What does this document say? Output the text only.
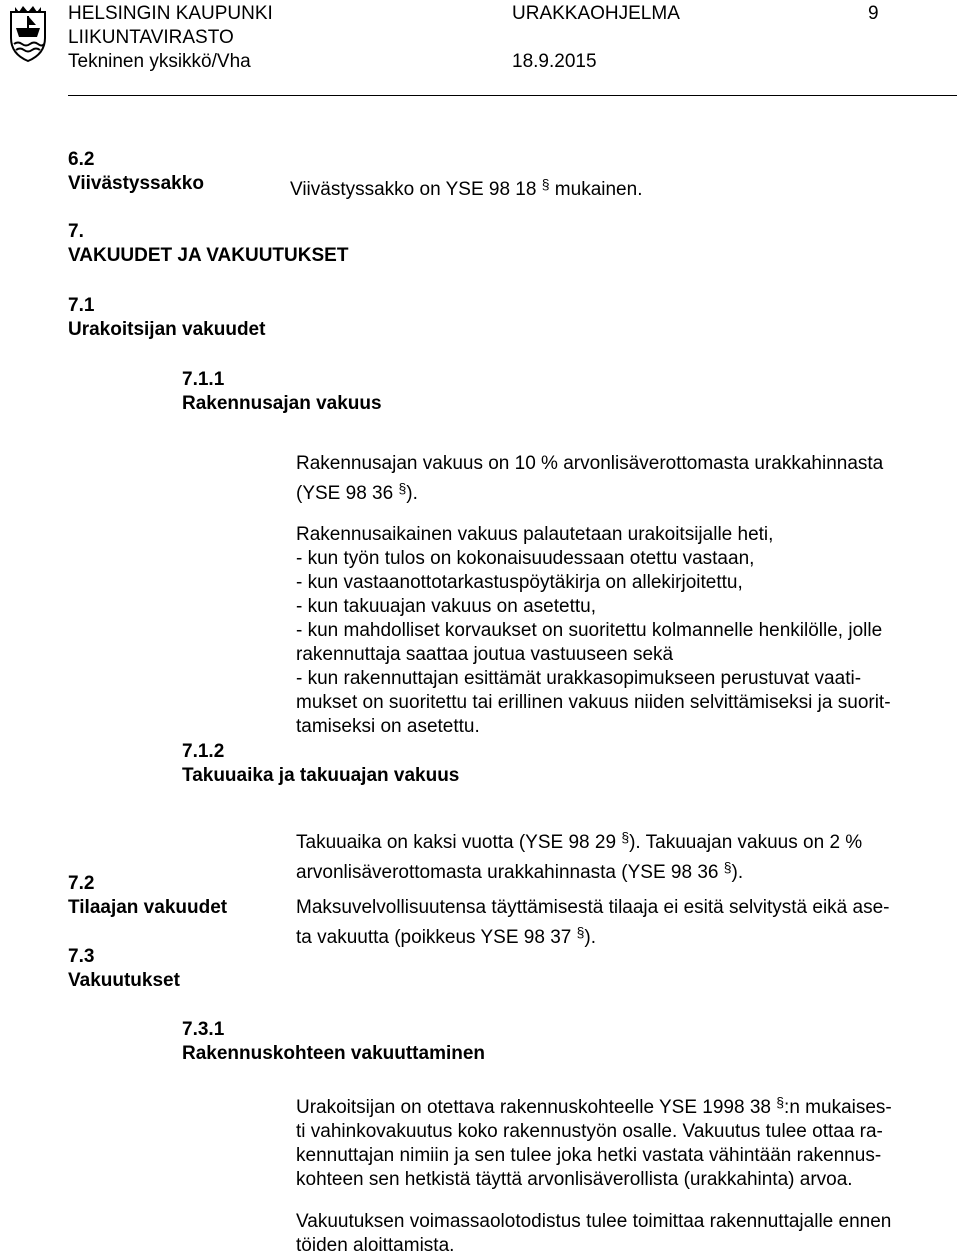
HELSINGIN KAUPUNKI
LIIKUNTAVIRASTO
Tekninen yksikkö/Vha
URAKKAOHJELMA	9
18.9.2015
6.2
Viivästyssakko	Viivästyssakko on YSE 98 18 § mukainen.
7.
VAKUUDET JA VAKUUTUKSET
7.1
Urakoitsijan vakuudet
7.1.1
Rakennusajan vakuus
Rakennusajan vakuus on 10 % arvonlisäverottomasta urakkahinnasta
(YSE 98 36 §).
Rakennusaikainen vakuus palautetaan urakoitsijalle heti,
- kun työn tulos on kokonaisuudessaan otettu vastaan,
- kun vastaanottotarkastuspöytäkirja on allekirjoitettu,
- kun takuuajan vakuus on asetettu,
- kun mahdolliset korvaukset on suoritettu kolmannelle henkilölle, jolle
rakennuttaja saattaa joutua vastuuseen sekä
- kun rakennuttajan esittämät urakkasopimukseen perustuvat vaati-
mukset on suoritettu tai erillinen vakuus niiden selvittämiseksi ja suorit-
tamiseksi on asetettu.
7.1.2
Takuuaika ja takuuajan vakuus
Takuuaika on kaksi vuotta (YSE 98 29 §). Takuuajan vakuus on 2 %
arvonlisäverottomasta urakkahinnasta (YSE 98 36 §).
7.2
Tilaajan vakuudet	Maksuvelvollisuutensa täyttämisestä tilaaja ei esitä selvitystä eikä ase-
ta vakuutta (poikkeus YSE 98 37 §).
7.3
Vakuutukset
7.3.1
Rakennuskohteen vakuuttaminen
Urakoitsijan on otettava rakennuskohteelle YSE 1998 38 §:n mukaises-
ti vahinkovakuutus koko rakennustyön osalle. Vakuutus tulee ottaa ra-
kennuttajan nimiin ja sen tulee joka hetki vastata vähintään rakennus-
kohteen sen hetkistä täyttä arvonlisäverollista (urakkahinta) arvoa.
Vakuutuksen voimassaolotodistus tulee toimittaa rakennuttajalle ennen
töiden aloittamista.
